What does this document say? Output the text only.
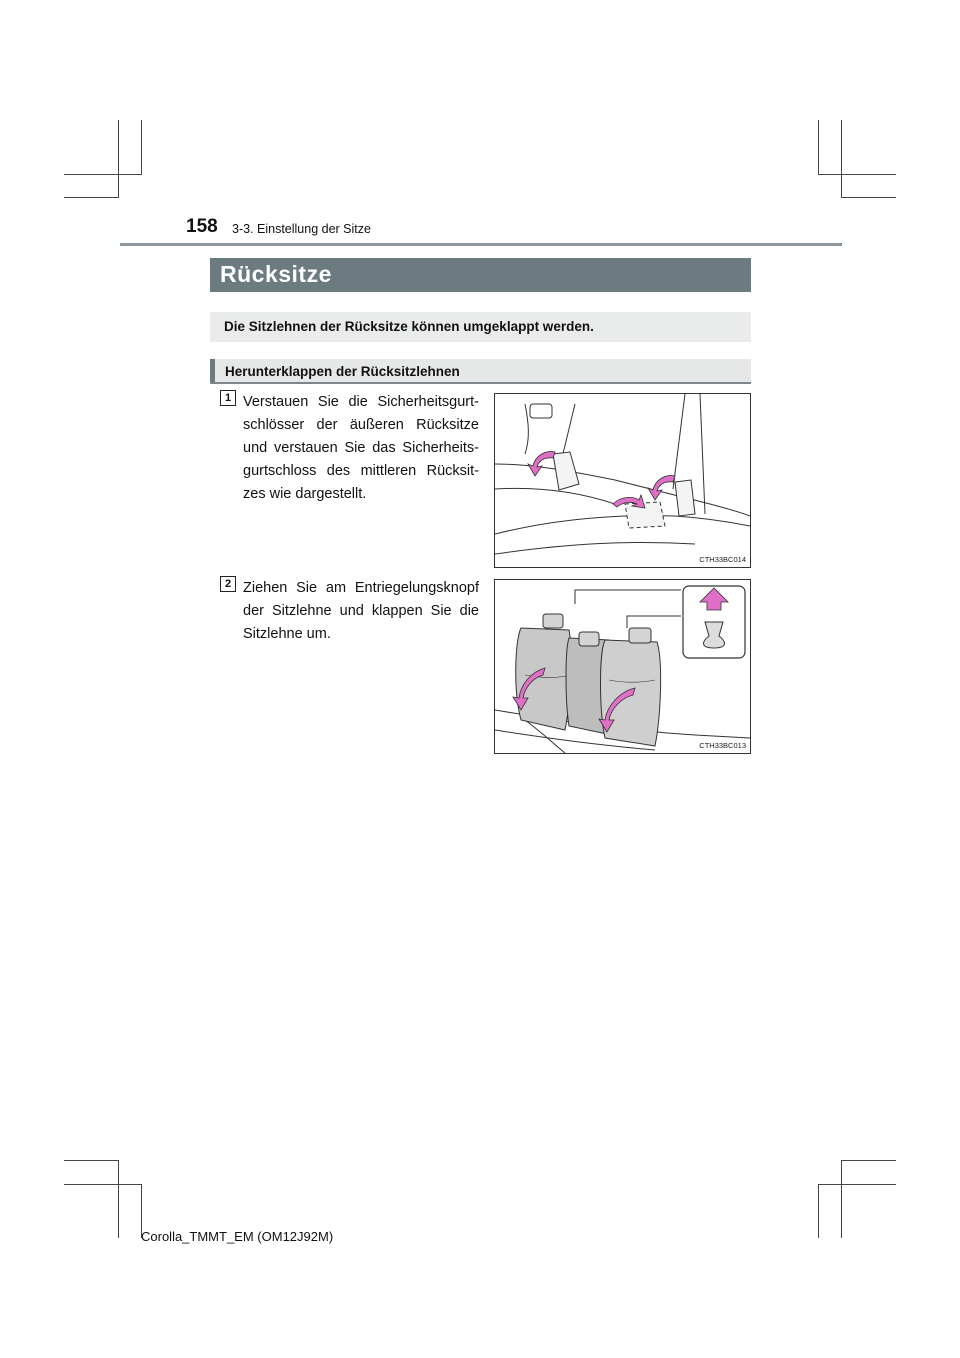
158 3-3. Einstellung der Sitze
Rücksitze
Die Sitzlehnen der Rücksitze können umgeklappt werden.
Herunterklappen der Rücksitzlehnen
1 Verstauen Sie die Sicherheitsgurt-schlösser der äußeren Rücksitze und verstauen Sie das Sicherheits-gurtschloss des mittleren Rücksit-zes wie dargestellt.
CTH33BC014
2 Ziehen Sie am Entriegelungsknopf der Sitzlehne und klappen Sie die Sitzlehne um.
CTH33BC013
Corolla_TMMT_EM (OM12J92M)
